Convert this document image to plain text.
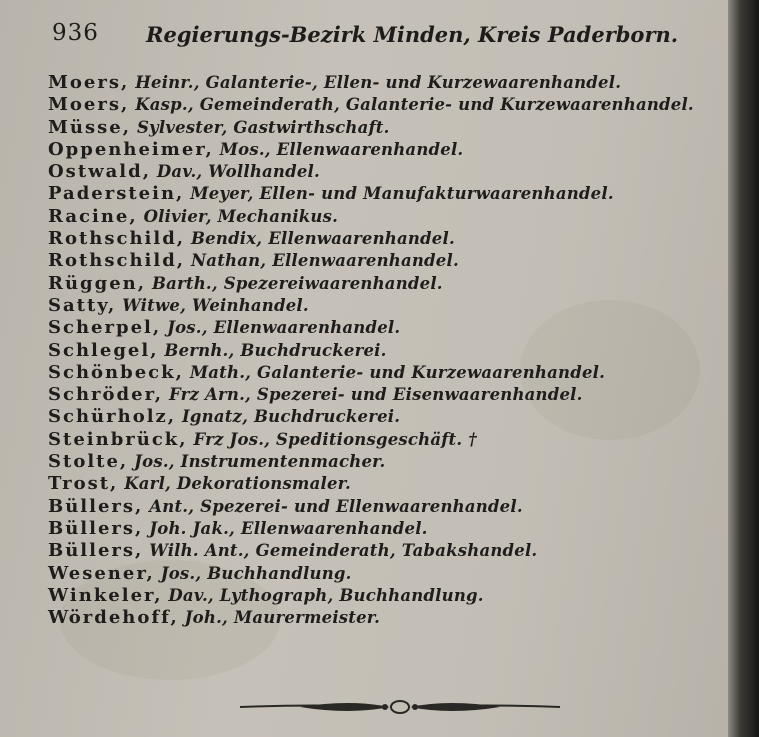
936 Regierungs-Bezirk Minden, Kreis Paderborn.
Moers, Heinr., Galanterie-, Ellen- und Kurzewaarenhandel.
Moers, Kasp., Gemeinderath, Galanterie- und Kurzewaarenhandel.
Müsse, Sylvester, Gastwirthschaft.
Oppenheimer, Mos., Ellenwaarenhandel.
Ostwald, Dav., Wollhandel.
Paderstein, Meyer, Ellen- und Manufakturwaarenhandel.
Racine, Olivier, Mechanikus.
Rothschild, Bendix, Ellenwaarenhandel.
Rothschild, Nathan, Ellenwaarenhandel.
Rüggen, Barth., Spezereiwaarenhandel.
Satty, Witwe, Weinhandel.
Scherpel, Jos., Ellenwaarenhandel.
Schlegel, Bernh., Buchdruckerei.
Schönbeck, Math., Galanterie- und Kurzewaarenhandel.
Schröder, Frz Arn., Spezerei- und Eisenwaarenhandel.
Schürholz, Ignatz, Buchdruckerei.
Steinbrück, Frz Jos., Speditionsgeschäft. †
Stolte, Jos., Instrumentenmacher.
Trost, Karl, Dekorationsmaler.
Büllers, Ant., Spezerei- und Ellenwaarenhandel.
Büllers, Joh. Jak., Ellenwaarenhandel.
Büllers, Wilh. Ant., Gemeinderath, Tabakshandel.
Wesener, Jos., Buchhandlung.
Winkeler, Dav., Lythograph, Buchhandlung.
Wördehoff, Joh., Maurermeister.
